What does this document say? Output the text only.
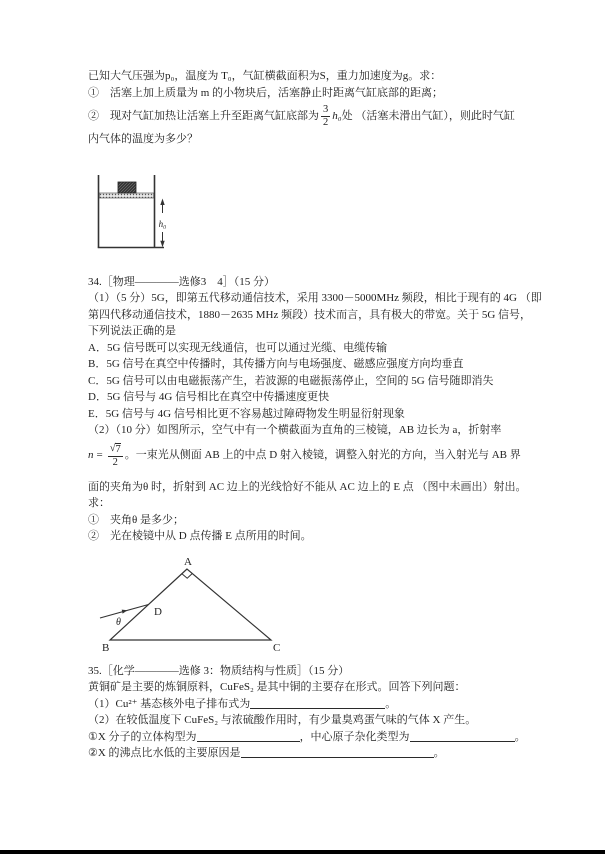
已知大气压强为p₀，温度为 T₀，气缸横截面积为S，重力加速度为g。求：
①　活塞上加上质量为 m 的小物块后，活塞静止时距离气缸底部的距离；
②　现对气缸加热让活塞上升至距离气缸底部为 $\frac{3}{2} h_0$ 处 （活塞未滑出气缸），则此时气缸
内气体的温度为多少？
h₀
34.［物理————选修3　4］（15 分）
（1）（5 分）5G，即第五代移动通信技术，采用 3300－5000MHz 频段，相比于现有的 4G （即
第四代移动通信技术，1880－2635 MHz 频段）技术而言，具有极大的带宽。关于 5G 信号，
下列说法正确的是
A．5G 信号既可以实现无线通信，也可以通过光缆、电缆传输
B．5G 信号在真空中传播时，其传播方向与电场强度、磁感应强度方向均垂直
C．5G 信号可以由电磁振荡产生，若波源的电磁振荡停止，空间的 5G 信号随即消失
D．5G 信号与 4G 信号相比在真空中传播速度更快
E．5G 信号与 4G 信号相比更不容易越过障碍物发生明显衍射现象
（2）（10 分）如图所示，空气中有一个横截面为直角的三棱镜，AB 边长为 a，折射率
$n = \frac{√ 7}{2}$ 。一束光从侧面 AB 上的中点 D 射入棱镜，调整入射光的方向，当入射光与 AB 界
面的夹角为θ 时，折射到 AC 边上的光线恰好不能从 AC 边上的 E 点 （图中未画出）射出。
求：
①　夹角θ 是多少；
②　光在棱镜中从 D 点传播 E 点所用的时间。
A
B	C
D
θ
35.［化学————选修 3：物质结构与性质］（15 分）
黄铜矿是主要的炼铜原料，CuFeS₂ 是其中铜的主要存在形式。回答下列问题：
（1）Cu²⁺ 基态核外电子排布式为	。
（2）在较低温度下 CuFeS₂ 与浓硫酸作用时，有少量臭鸡蛋气味的气体 X 产生。
①X 分子的立体构型为	，中心原子杂化类型为	。
②X 的沸点比水低的主要原因是	。
